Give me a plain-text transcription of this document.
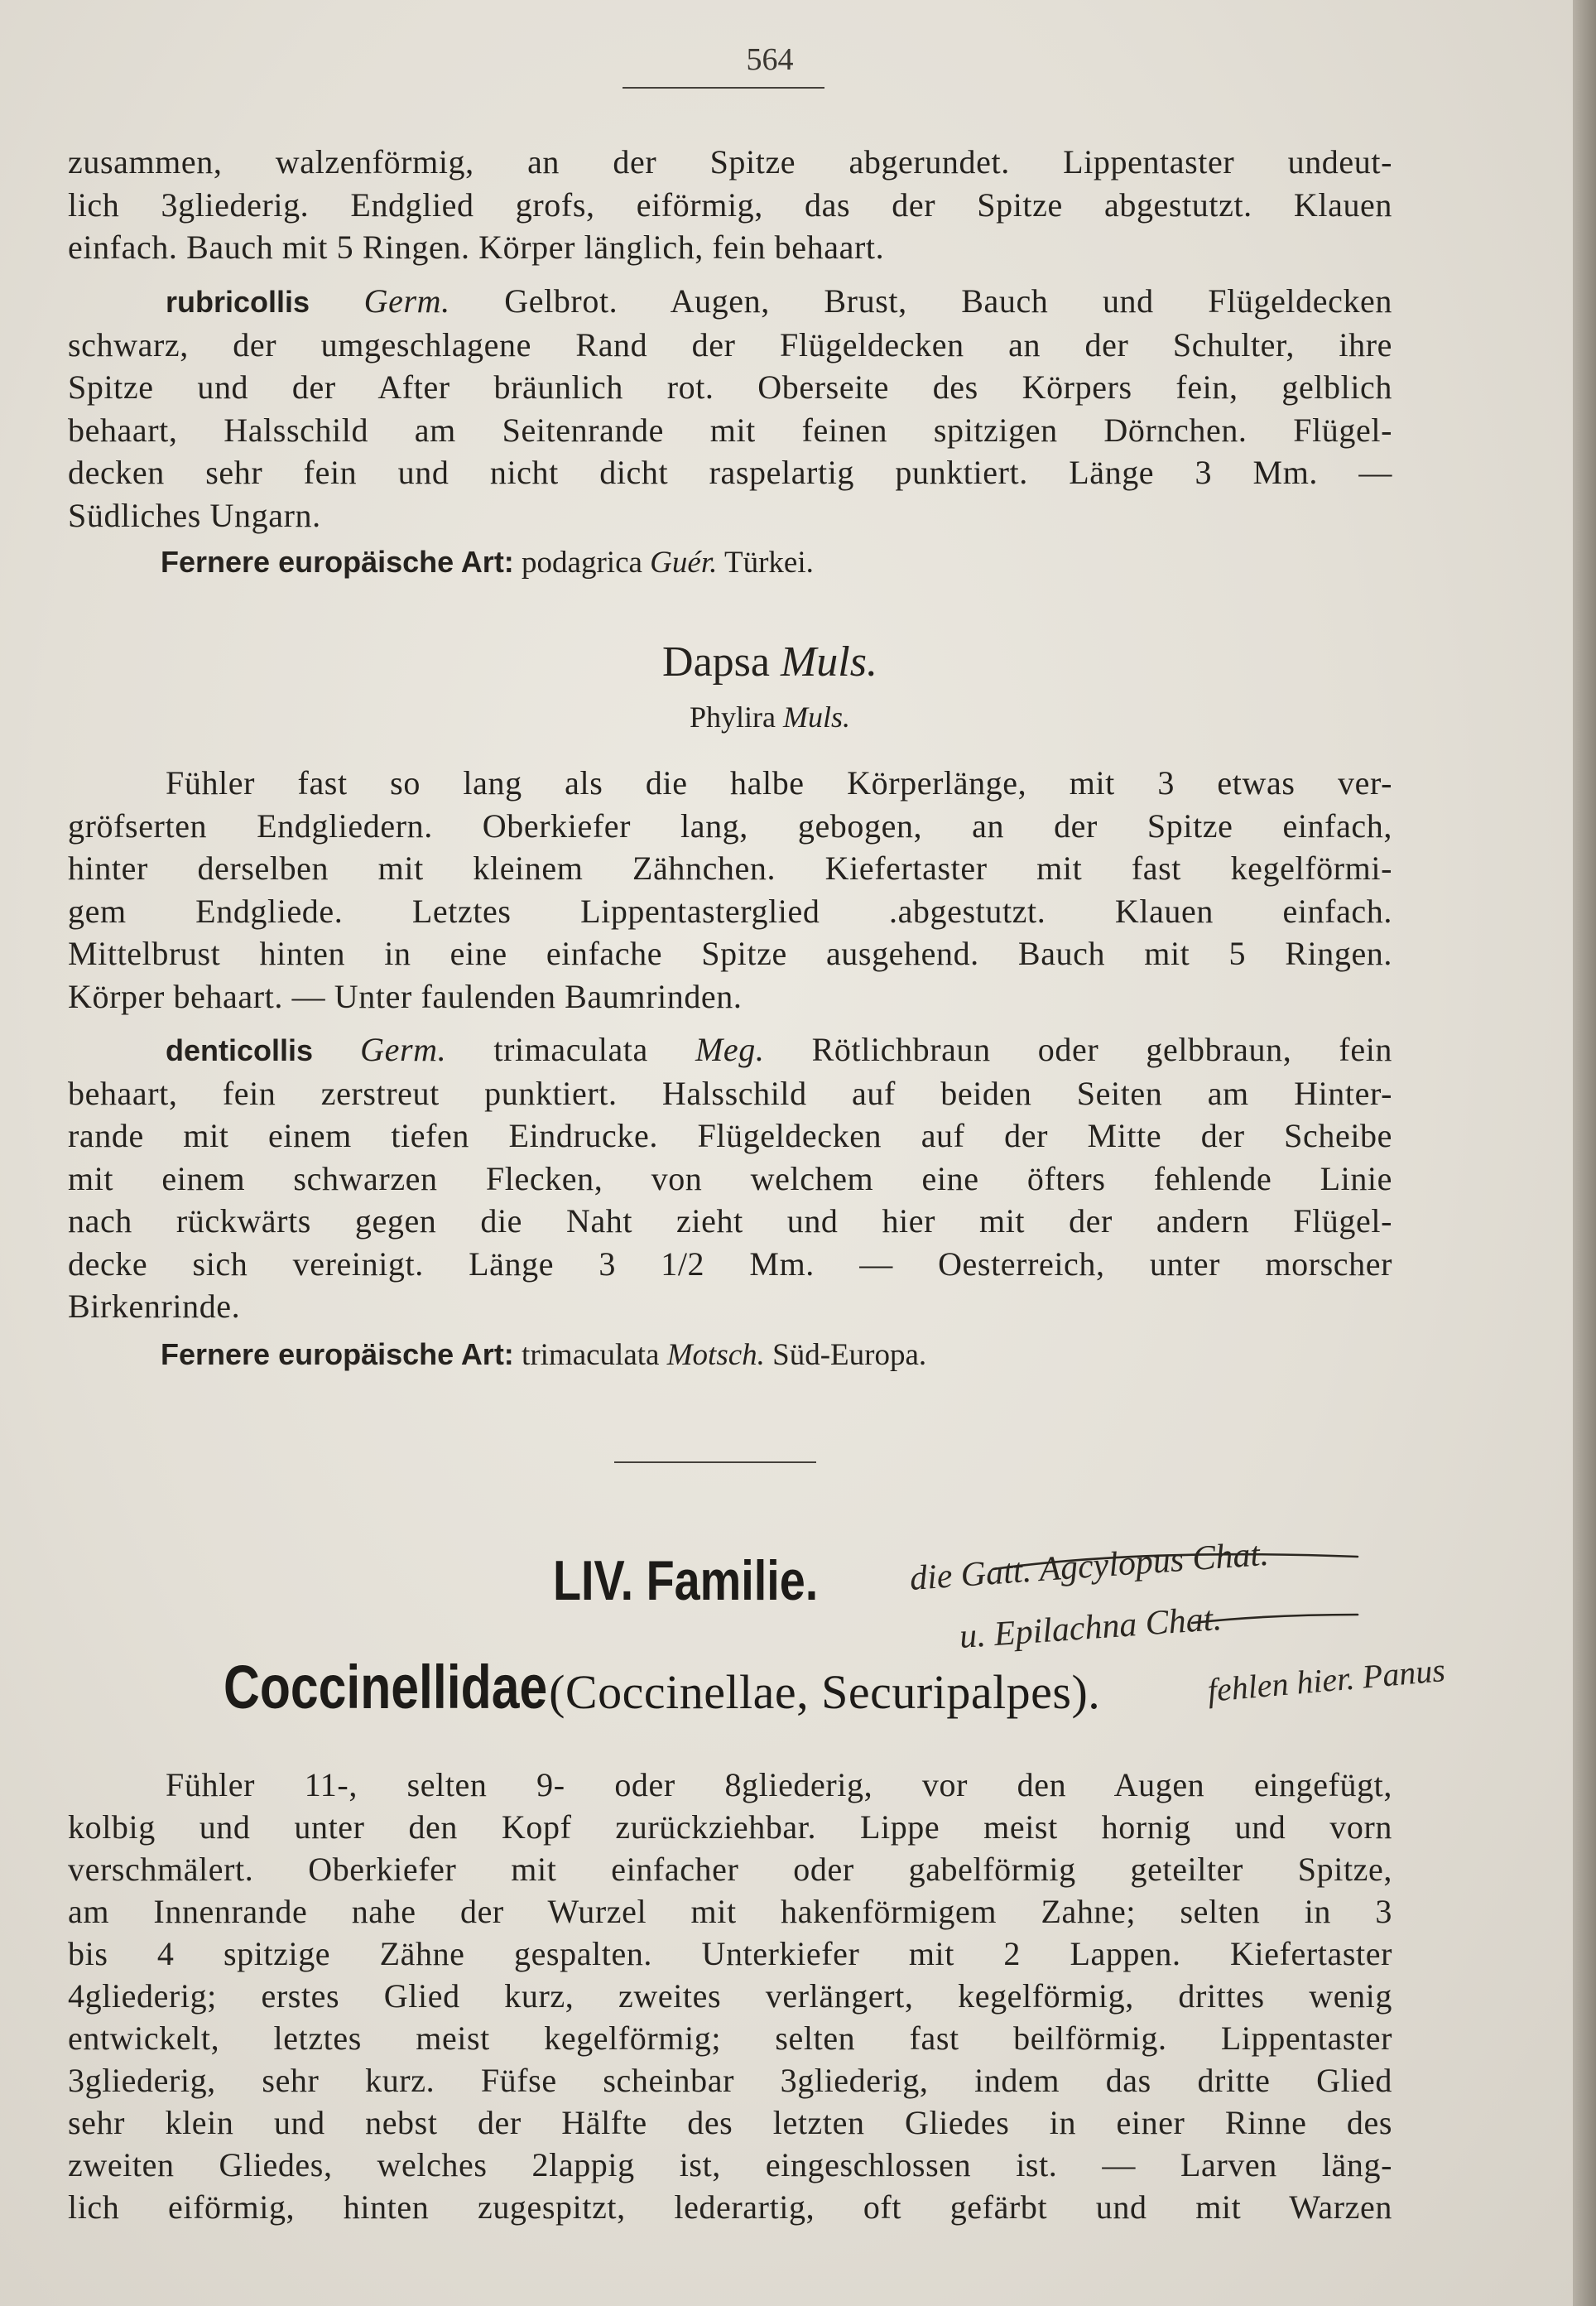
564
zusammen, walzenförmig, an der Spitze abgerundet. Lippentaster undeut-
lich 3gliederig. Endglied grofs, eiförmig, das der Spitze abgestutzt. Klauen
einfach. Bauch mit 5 Ringen. Körper länglich, fein behaart.
rubricollis Germ. Gelbrot. Augen, Brust, Bauch und Flügeldecken
schwarz, der umgeschlagene Rand der Flügeldecken an der Schulter, ihre
Spitze und der After bräunlich rot. Oberseite des Körpers fein, gelblich
behaart, Halsschild am Seitenrande mit feinen spitzigen Dörnchen. Flügel-
decken sehr fein und nicht dicht raspelartig punktiert. Länge 3 Mm. —
Südliches Ungarn.
Fernere europäische Art: podagrica Guér. Türkei.
Dapsa Muls.
Phylira Muls.
Fühler fast so lang als die halbe Körperlänge, mit 3 etwas ver-
gröfserten Endgliedern. Oberkiefer lang, gebogen, an der Spitze einfach,
hinter derselben mit kleinem Zähnchen. Kiefertaster mit fast kegelförmi-
gem Endgliede. Letztes Lippentasterglied .abgestutzt. Klauen einfach.
Mittelbrust hinten in eine einfache Spitze ausgehend. Bauch mit 5 Ringen.
Körper behaart. — Unter faulenden Baumrinden.
denticollis Germ. trimaculata Meg. Rötlichbraun oder gelbbraun, fein
behaart, fein zerstreut punktiert. Halsschild auf beiden Seiten am Hinter-
rande mit einem tiefen Eindrucke. Flügeldecken auf der Mitte der Scheibe
mit einem schwarzen Flecken, von welchem eine öfters fehlende Linie
nach rückwärts gegen die Naht zieht und hier mit der andern Flügel-
decke sich vereinigt. Länge 3 1/2 Mm. — Oesterreich, unter morscher
Birkenrinde.
Fernere europäische Art: trimaculata Motsch. Süd-Europa.
LIV. Familie.
Coccinellidae (Coccinellae, Securipalpes).
die Gatt. Agcylopus Chat.
u. Epilachna Chat.
fehlen hier. Panus
Fühler 11-, selten 9- oder 8gliederig, vor den Augen eingefügt,
kolbig und unter den Kopf zurückziehbar. Lippe meist hornig und vorn
verschmälert. Oberkiefer mit einfacher oder gabelförmig geteilter Spitze,
am Innenrande nahe der Wurzel mit hakenförmigem Zahne; selten in 3
bis 4 spitzige Zähne gespalten. Unterkiefer mit 2 Lappen. Kiefertaster
4gliederig; erstes Glied kurz, zweites verlängert, kegelförmig, drittes wenig
entwickelt, letztes meist kegelförmig; selten fast beilförmig. Lippentaster
3gliederig, sehr kurz. Füfse scheinbar 3gliederig, indem das dritte Glied
sehr klein und nebst der Hälfte des letzten Gliedes in einer Rinne des
zweiten Gliedes, welches 2lappig ist, eingeschlossen ist. — Larven läng-
lich eiförmig, hinten zugespitzt, lederartig, oft gefärbt und mit Warzen
